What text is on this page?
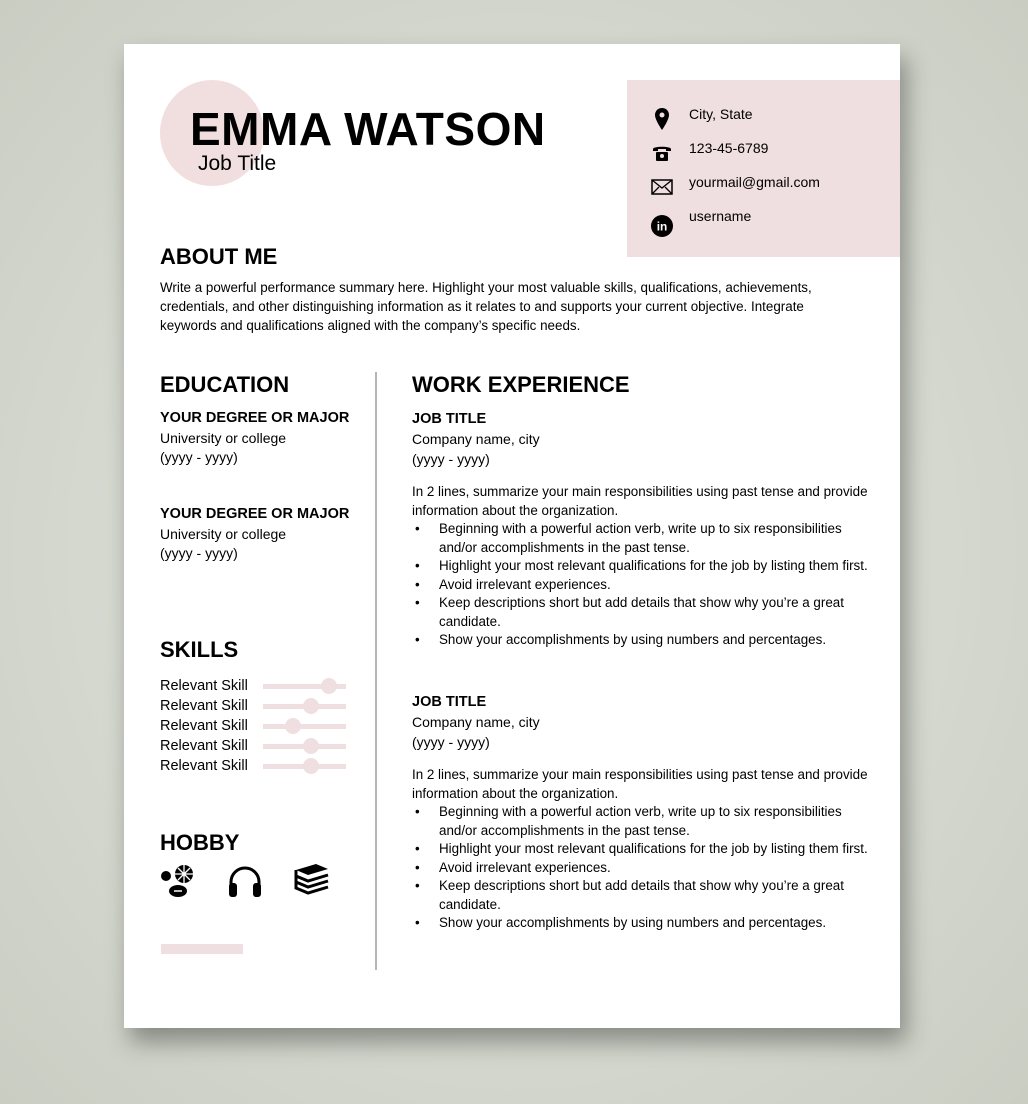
EMMA WATSON
Job Title
City, State
123-45-6789
yourmail@gmail.com
in
username
ABOUT ME

Write a powerful performance summary here. Highlight your most valuable skills, qualifications, achievements, credentials, and other distinguishing information as it relates to and supports your current objective. Integrate keywords and qualifications aligned with the company’s specific needs.

EDUCATION
YOUR DEGREE OR MAJOR
University or college
(yyyy - yyyy)
YOUR DEGREE OR MAJOR
University or college
(yyyy - yyyy)
SKILLS
Relevant Skill
Relevant Skill
Relevant Skill
Relevant Skill
Relevant Skill
HOBBY
WORK EXPERIENCE
JOB TITLE
Company name, city
(yyyy - yyyy)

In 2 lines, summarize your main responsibilities using past tense and provide information about the organization.

• Beginning with a powerful action verb, write up to six responsibilities and/or accomplishments in the past tense.
• Highlight your most relevant qualifications for the job by listing them first.
• Avoid irrelevant experiences.
• Keep descriptions short but add details that show why you’re a great candidate.
• Show your accomplishments by using numbers and percentages.
JOB TITLE
Company name, city
(yyyy - yyyy)

In 2 lines, summarize your main responsibilities using past tense and provide information about the organization.

• Beginning with a powerful action verb, write up to six responsibilities and/or accomplishments in the past tense.
• Highlight your most relevant qualifications for the job by listing them first.
• Avoid irrelevant experiences.
• Keep descriptions short but add details that show why you’re a great candidate.
• Show your accomplishments by using numbers and percentages.
